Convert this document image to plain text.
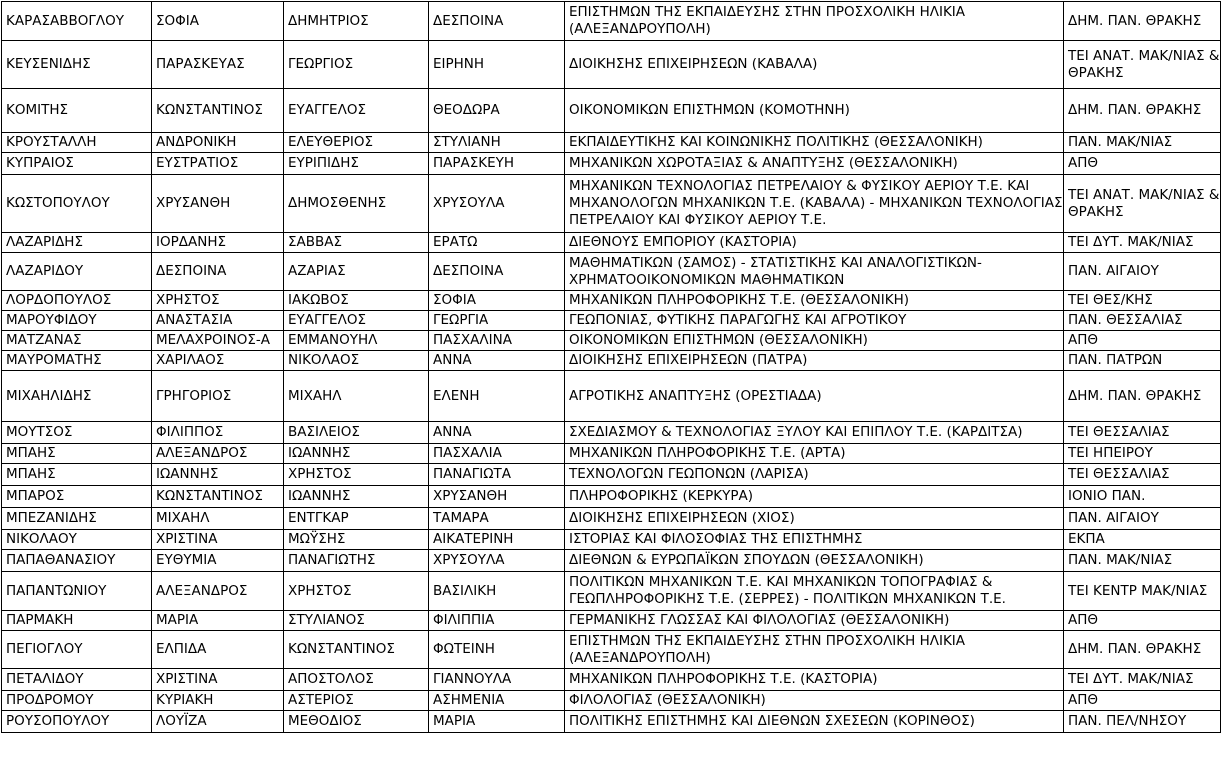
ΚΑΡΑΣΑΒΒΟΓΛΟΥ	ΣΟΦΙΑ	ΔΗΜΗΤΡΙΟΣ	ΔΕΣΠΟΙΝΑ	ΕΠΙΣΤΗΜΩΝ ΤΗΣ ΕΚΠΑΙΔΕΥΣΗΣ ΣΤΗΝ ΠΡΟΣΧΟΛΙΚΗ ΗΛΙΚΙΑ (ΑΛΕΞΑΝΔΡΟΥΠΟΛΗ)	ΔΗΜ. ΠΑΝ. ΘΡΑΚΗΣ
ΚΕΥΣΕΝΙΔΗΣ	ΠΑΡΑΣΚΕΥΑΣ	ΓΕΩΡΓΙΟΣ	ΕΙΡΗΝΗ	ΔΙΟΙΚΗΣΗΣ ΕΠΙΧΕΙΡΗΣΕΩΝ (ΚΑΒΑΛΑ)	ΤΕΙ ΑΝΑΤ. ΜΑΚ/ΝΙΑΣ & ΘΡΑΚΗΣ
ΚΟΜΙΤΗΣ	ΚΩΝΣΤΑΝΤΙΝΟΣ	ΕΥΑΓΓΕΛΟΣ	ΘΕΟΔΩΡΑ	ΟΙΚΟΝΟΜΙΚΩΝ ΕΠΙΣΤΗΜΩΝ (ΚΟΜΟΤΗΝΗ)	ΔΗΜ. ΠΑΝ. ΘΡΑΚΗΣ
ΚΡΟΥΣΤΑΛΛΗ	ΑΝΔΡΟΝΙΚΗ	ΕΛΕΥΘΕΡΙΟΣ	ΣΤΥΛΙΑΝΗ	ΕΚΠΑΙΔΕΥΤΙΚΗΣ ΚΑΙ ΚΟΙΝΩΝΙΚΗΣ ΠΟΛΙΤΙΚΗΣ (ΘΕΣΣΑΛΟΝΙΚΗ)	ΠΑΝ. ΜΑΚ/ΝΙΑΣ
ΚΥΠΡΑΙΟΣ	ΕΥΣΤΡΑΤΙΟΣ	ΕΥΡΙΠΙΔΗΣ	ΠΑΡΑΣΚΕΥΗ	ΜΗΧΑΝΙΚΩΝ ΧΩΡΟΤΑΞΙΑΣ & ΑΝΑΠΤΥΞΗΣ (ΘΕΣΣΑΛΟΝΙΚΗ)	ΑΠΘ
ΚΩΣΤΟΠΟΥΛΟΥ	ΧΡΥΣΑΝΘΗ	ΔΗΜΟΣΘΕΝΗΣ	ΧΡΥΣΟΥΛΑ	ΜΗΧΑΝΙΚΩΝ ΤΕΧΝΟΛΟΓΙΑΣ ΠΕΤΡΕΛΑΙΟΥ & ΦΥΣΙΚΟΥ ΑΕΡΙΟΥ Τ.Ε. ΚΑΙ ΜΗΧΑΝΟΛΟΓΩΝ ΜΗΧΑΝΙΚΩΝ Τ.Ε. (ΚΑΒΑΛΑ) - ΜΗΧΑΝΙΚΩΝ ΤΕΧΝΟΛΟΓΙΑΣ ΠΕΤΡΕΛΑΙΟΥ ΚΑΙ ΦΥΣΙΚΟΥ ΑΕΡΙΟΥ Τ.Ε.	ΤΕΙ ΑΝΑΤ. ΜΑΚ/ΝΙΑΣ & ΘΡΑΚΗΣ
ΛΑΖΑΡΙΔΗΣ	ΙΟΡΔΑΝΗΣ	ΣΑΒΒΑΣ	ΕΡΑΤΩ	ΔΙΕΘΝΟΥΣ ΕΜΠΟΡΙΟΥ (ΚΑΣΤΟΡΙΑ)	ΤΕΙ ΔΥΤ. ΜΑΚ/ΝΙΑΣ
ΛΑΖΑΡΙΔΟΥ	ΔΕΣΠΟΙΝΑ	ΑΖΑΡΙΑΣ	ΔΕΣΠΟΙΝΑ	ΜΑΘΗΜΑΤΙΚΩΝ (ΣΑΜΟΣ) - ΣΤΑΤΙΣΤΙΚΗΣ ΚΑΙ ΑΝΑΛΟΓΙΣΤΙΚΩΝ-ΧΡΗΜΑΤΟΟΙΚΟΝΟΜΙΚΩΝ ΜΑΘΗΜΑΤΙΚΩΝ	ΠΑΝ. ΑΙΓΑΙΟΥ
ΛΟΡΔΟΠΟΥΛΟΣ	ΧΡΗΣΤΟΣ	ΙΑΚΩΒΟΣ	ΣΟΦΙΑ	ΜΗΧΑΝΙΚΩΝ ΠΛΗΡΟΦΟΡΙΚΗΣ Τ.Ε. (ΘΕΣΣΑΛΟΝΙΚΗ)	ΤΕΙ ΘΕΣ/ΚΗΣ
ΜΑΡΟΥΦΙΔΟΥ	ΑΝΑΣΤΑΣΙΑ	ΕΥΑΓΓΕΛΟΣ	ΓΕΩΡΓΙΑ	ΓΕΩΠΟΝΙΑΣ, ΦΥΤΙΚΗΣ ΠΑΡΑΓΩΓΗΣ ΚΑΙ ΑΓΡΟΤΙΚΟΥ	ΠΑΝ. ΘΕΣΣΑΛΙΑΣ
ΜΑΤΖΑΝΑΣ	ΜΕΛΑΧΡΟΙΝΟΣ-Α	ΕΜΜΑΝΟΥΗΛ	ΠΑΣΧΑΛΙΝΑ	ΟΙΚΟΝΟΜΙΚΩΝ ΕΠΙΣΤΗΜΩΝ (ΘΕΣΣΑΛΟΝΙΚΗ)	ΑΠΘ
ΜΑΥΡΟΜΑΤΗΣ	ΧΑΡΙΛΑΟΣ	ΝΙΚΟΛΑΟΣ	ΑΝΝΑ	ΔΙΟΙΚΗΣΗΣ ΕΠΙΧΕΙΡΗΣΕΩΝ (ΠΑΤΡΑ)	ΠΑΝ. ΠΑΤΡΩΝ
ΜΙΧΑΗΛΙΔΗΣ	ΓΡΗΓΟΡΙΟΣ	ΜΙΧΑΗΛ	ΕΛΕΝΗ	ΑΓΡΟΤΙΚΗΣ ΑΝΑΠΤΥΞΗΣ (ΟΡΕΣΤΙΑΔΑ)	ΔΗΜ. ΠΑΝ. ΘΡΑΚΗΣ
ΜΟΥΤΣΟΣ	ΦΙΛΙΠΠΟΣ	ΒΑΣΙΛΕΙΟΣ	ΑΝΝΑ	ΣΧΕΔΙΑΣΜΟΥ & ΤΕΧΝΟΛΟΓΙΑΣ ΞΥΛΟΥ ΚΑΙ ΕΠΙΠΛΟΥ Τ.Ε. (ΚΑΡΔΙΤΣΑ)	ΤΕΙ ΘΕΣΣΑΛΙΑΣ
ΜΠΑΗΣ	ΑΛΕΞΑΝΔΡΟΣ	ΙΩΑΝΝΗΣ	ΠΑΣΧΑΛΙΑ	ΜΗΧΑΝΙΚΩΝ ΠΛΗΡΟΦΟΡΙΚΗΣ Τ.Ε. (ΑΡΤΑ)	ΤΕΙ ΗΠΕΙΡΟΥ
ΜΠΑΗΣ	ΙΩΑΝΝΗΣ	ΧΡΗΣΤΟΣ	ΠΑΝΑΓΙΩΤΑ	ΤΕΧΝΟΛΟΓΩΝ ΓΕΩΠΟΝΩΝ (ΛΑΡΙΣΑ)	ΤΕΙ ΘΕΣΣΑΛΙΑΣ
ΜΠΑΡΟΣ	ΚΩΝΣΤΑΝΤΙΝΟΣ	ΙΩΑΝΝΗΣ	ΧΡΥΣΑΝΘΗ	ΠΛΗΡΟΦΟΡΙΚΗΣ (ΚΕΡΚΥΡΑ)	ΙΟΝΙΟ ΠΑΝ.
ΜΠΕΖΑΝΙΔΗΣ	ΜΙΧΑΗΛ	ΕΝΤΓΚΑΡ	ΤΑΜΑΡΑ	ΔΙΟΙΚΗΣΗΣ ΕΠΙΧΕΙΡΗΣΕΩΝ (ΧΙΟΣ)	ΠΑΝ. ΑΙΓΑΙΟΥ
ΝΙΚΟΛΑΟΥ	ΧΡΙΣΤΙΝΑ	ΜΩΫΣΗΣ	ΑΙΚΑΤΕΡΙΝΗ	ΙΣΤΟΡΙΑΣ ΚΑΙ ΦΙΛΟΣΟΦΙΑΣ ΤΗΣ ΕΠΙΣΤΗΜΗΣ	ΕΚΠΑ
ΠΑΠΑΘΑΝΑΣΙΟΥ	ΕΥΘΥΜΙΑ	ΠΑΝΑΓΙΩΤΗΣ	ΧΡΥΣΟΥΛΑ	ΔΙΕΘΝΩΝ & ΕΥΡΩΠΑΪΚΩΝ ΣΠΟΥΔΩΝ (ΘΕΣΣΑΛΟΝΙΚΗ)	ΠΑΝ. ΜΑΚ/ΝΙΑΣ
ΠΑΠΑΝΤΩΝΙΟΥ	ΑΛΕΞΑΝΔΡΟΣ	ΧΡΗΣΤΟΣ	ΒΑΣΙΛΙΚΗ	ΠΟΛΙΤΙΚΩΝ ΜΗΧΑΝΙΚΩΝ Τ.Ε. ΚΑΙ ΜΗΧΑΝΙΚΩΝ ΤΟΠΟΓΡΑΦΙΑΣ & ΓΕΩΠΛΗΡΟΦΟΡΙΚΗΣ Τ.Ε. (ΣΕΡΡΕΣ) - ΠΟΛΙΤΙΚΩΝ ΜΗΧΑΝΙΚΩΝ Τ.Ε.	ΤΕΙ ΚΕΝΤΡ ΜΑΚ/ΝΙΑΣ
ΠΑΡΜΑΚΗ	ΜΑΡΙΑ	ΣΤΥΛΙΑΝΟΣ	ΦΙΛΙΠΠΙΑ	ΓΕΡΜΑΝΙΚΗΣ ΓΛΩΣΣΑΣ ΚΑΙ ΦΙΛΟΛΟΓΙΑΣ (ΘΕΣΣΑΛΟΝΙΚΗ)	ΑΠΘ
ΠΕΓΙΟΓΛΟΥ	ΕΛΠΙΔΑ	ΚΩΝΣΤΑΝΤΙΝΟΣ	ΦΩΤΕΙΝΗ	ΕΠΙΣΤΗΜΩΝ ΤΗΣ ΕΚΠΑΙΔΕΥΣΗΣ ΣΤΗΝ ΠΡΟΣΧΟΛΙΚΗ ΗΛΙΚΙΑ (ΑΛΕΞΑΝΔΡΟΥΠΟΛΗ)	ΔΗΜ. ΠΑΝ. ΘΡΑΚΗΣ
ΠΕΤΑΛΙΔΟΥ	ΧΡΙΣΤΙΝΑ	ΑΠΟΣΤΟΛΟΣ	ΓΙΑΝΝΟΥΛΑ	ΜΗΧΑΝΙΚΩΝ ΠΛΗΡΟΦΟΡΙΚΗΣ Τ.Ε. (ΚΑΣΤΟΡΙΑ)	ΤΕΙ ΔΥΤ. ΜΑΚ/ΝΙΑΣ
ΠΡΟΔΡΟΜΟΥ	ΚΥΡΙΑΚΗ	ΑΣΤΕΡΙΟΣ	ΑΣΗΜΕΝΙΑ	ΦΙΛΟΛΟΓΙΑΣ (ΘΕΣΣΑΛΟΝΙΚΗ)	ΑΠΘ
ΡΟΥΣΟΠΟΥΛΟΥ	ΛΟΥΪΖΑ	ΜΕΘΟΔΙΟΣ	ΜΑΡΙΑ	ΠΟΛΙΤΙΚΗΣ ΕΠΙΣΤΗΜΗΣ ΚΑΙ ΔΙΕΘΝΩΝ ΣΧΕΣΕΩΝ (ΚΟΡΙΝΘΟΣ)	ΠΑΝ. ΠΕΛ/ΝΗΣΟΥ
